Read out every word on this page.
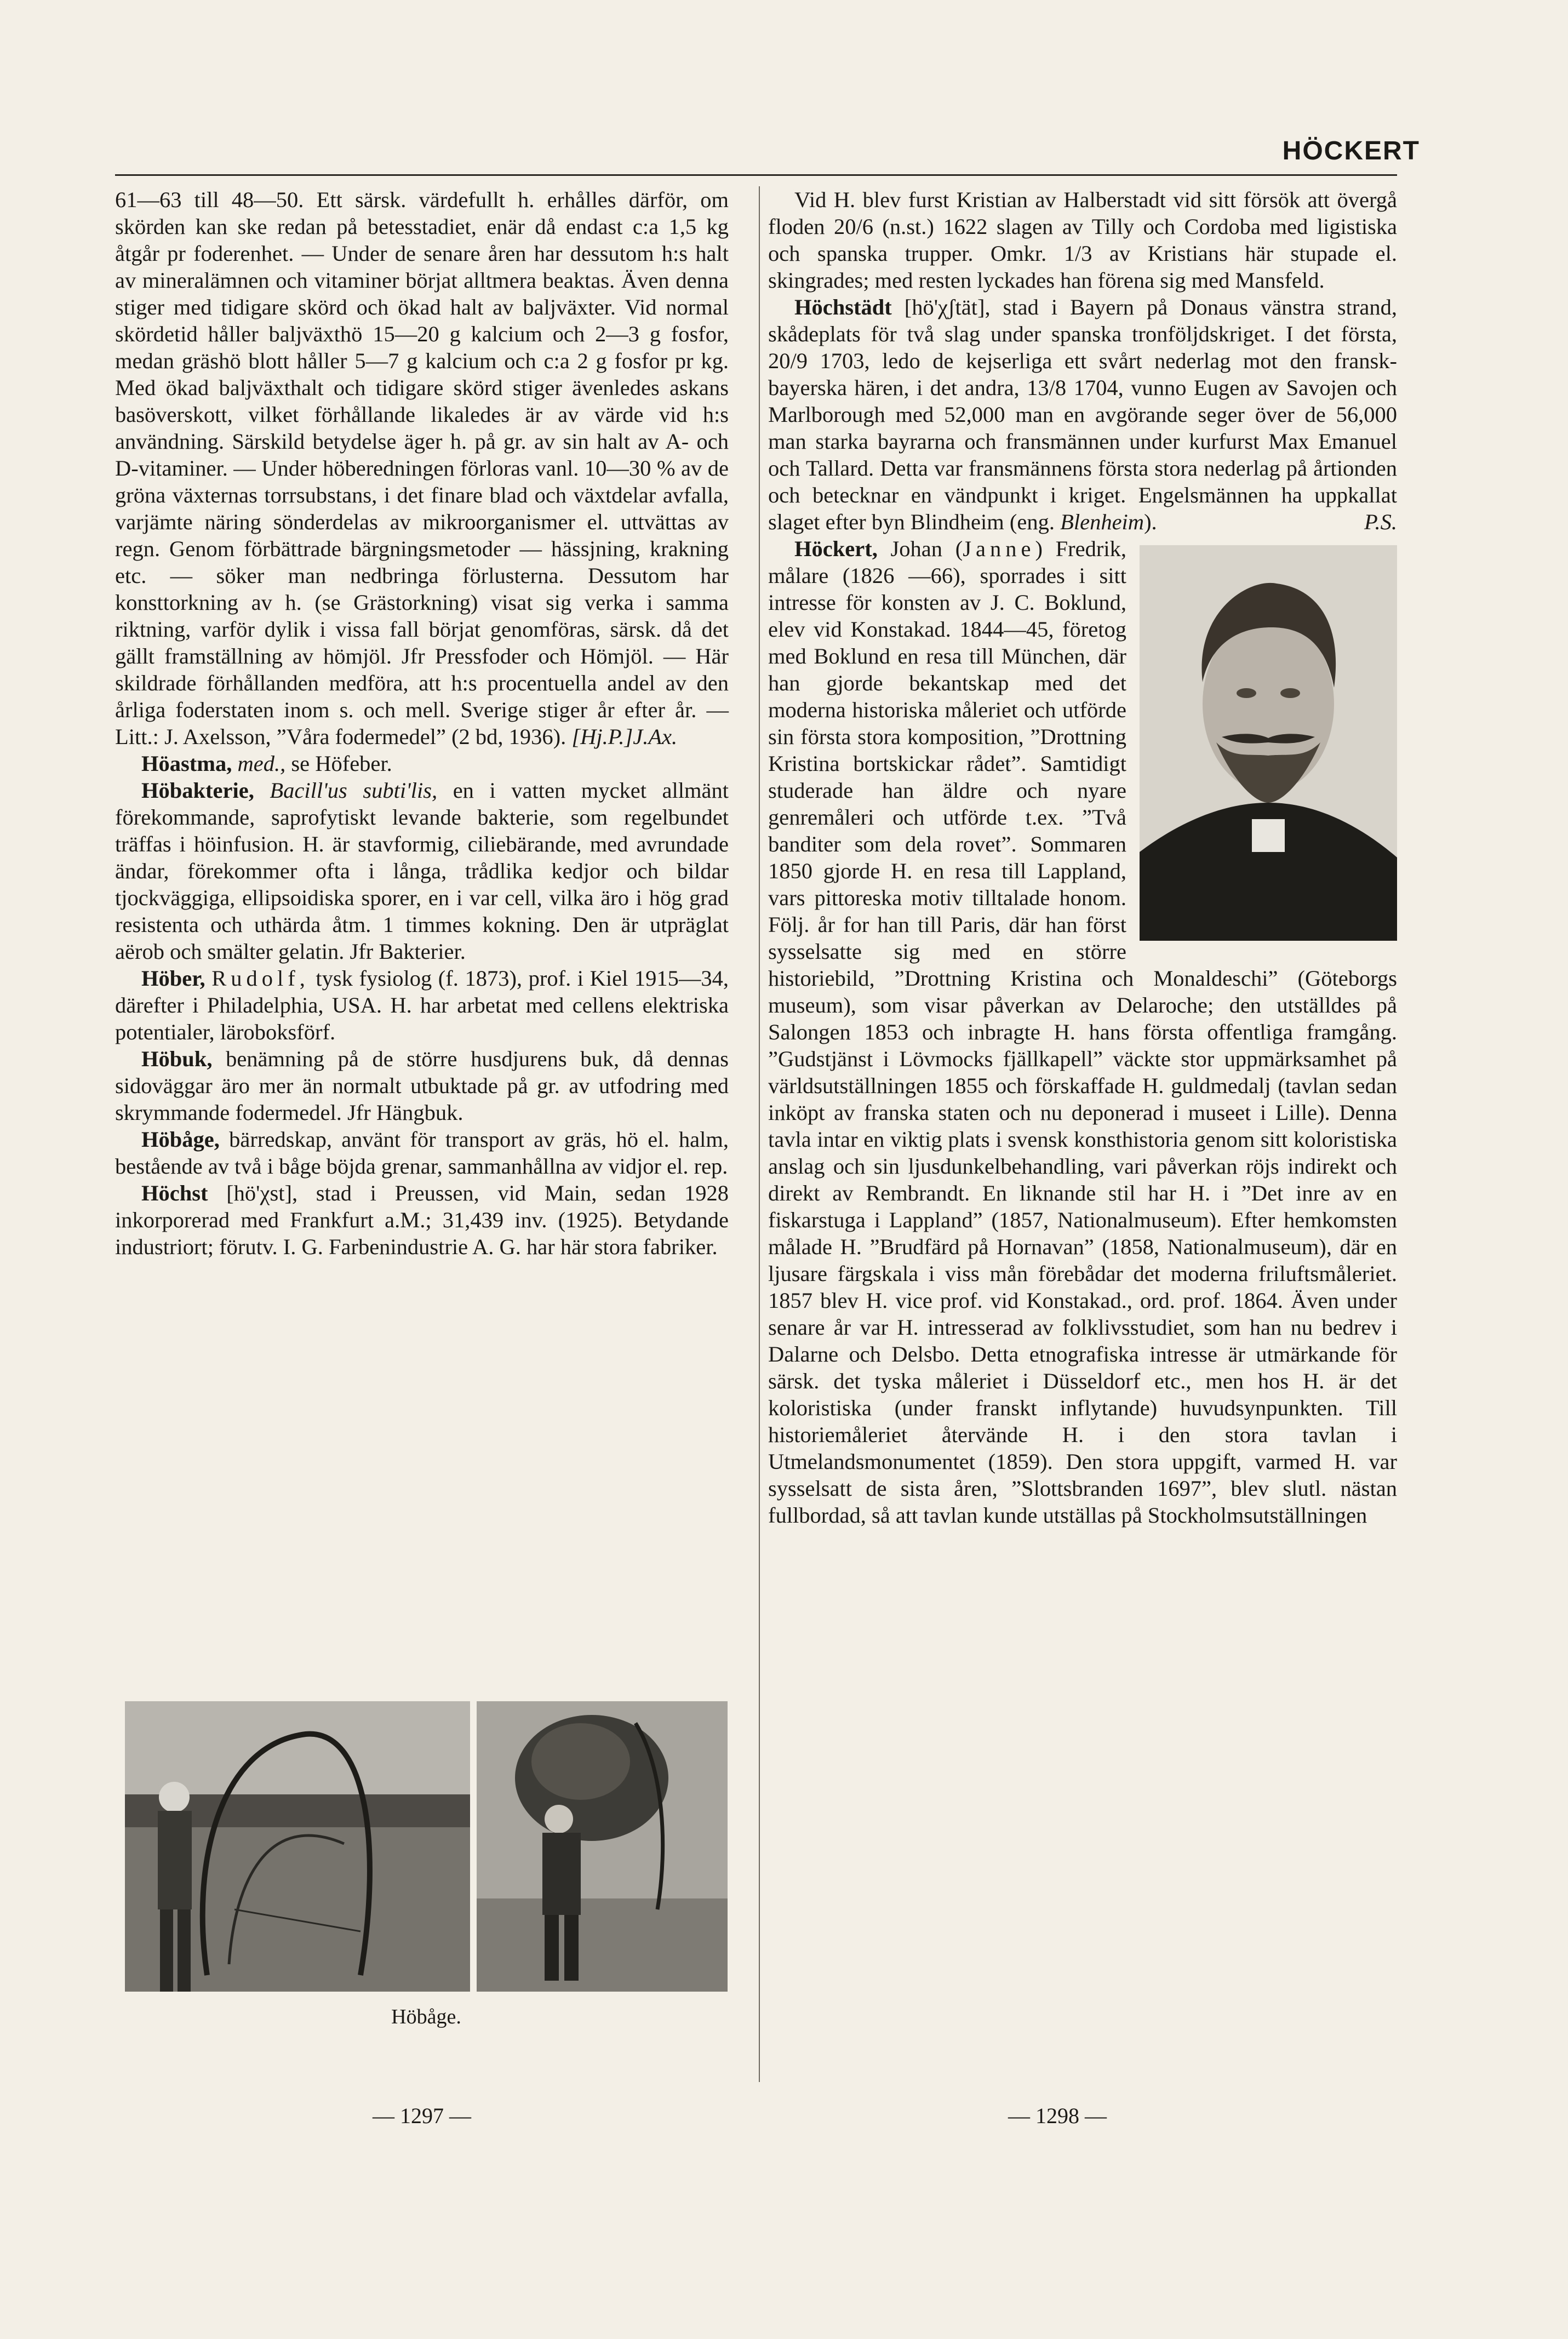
HÖCKERT

61—63 till 48—50. Ett särsk. värdefullt h. erhålles därför, om skörden kan ske redan på betesstadiet, enär då endast c:a 1,5 kg åtgår pr foderenhet. — Under de senare åren har dessutom h:s halt av mineralämnen och vitaminer börjat alltmera beaktas. Även denna stiger med tidigare skörd och ökad halt av baljväxter. Vid normal skördetid håller baljväxthö 15—20 g kalcium och 2—3 g fosfor, medan gräshö blott håller 5—7 g kalcium och c:a 2 g fosfor pr kg. Med ökad baljväxthalt och tidigare skörd stiger ävenledes askans basöverskott, vilket förhållande likaledes är av värde vid h:s användning. Särskild betydelse äger h. på gr. av sin halt av A- och D-vitaminer. — Under höberedningen förloras vanl. 10—30 % av de gröna växternas torrsubstans, i det finare blad och växtdelar avfalla, varjämte näring sönderdelas av mikroorganismer el. uttvättas av regn. Genom förbättrade bärgningsmetoder — hässjning, krakning etc. — söker man nedbringa förlusterna. Dessutom har konsttorkning av h. (se Grästorkning) visat sig verka i samma riktning, varför dylik i vissa fall börjat genomföras, särsk. då det gällt framställning av hömjöl. Jfr Pressfoder och Hömjöl. — Här skildrade förhållanden medföra, att h:s procentuella andel av den årliga foderstaten inom s. och mell. Sverige stiger år efter år. — Litt.: J. Axelsson, ”Våra fodermedel” (2 bd, 1936). [Hj.P.]J.Ax.

Höastma, med., se Höfeber.

Höbakterie, Bacill'us subti'lis, en i vatten mycket allmänt förekommande, saprofytiskt levande bakterie, som regelbundet träffas i höinfusion. H. är stavformig, ciliebärande, med avrundade ändar, förekommer ofta i långa, trådlika kedjor och bildar tjockväggiga, ellipsoidiska sporer, en i var cell, vilka äro i hög grad resistenta och uthärda åtm. 1 timmes kokning. Den är utpräglat aërob och smälter gelatin. Jfr Bakterier.

Höber, Rudolf, tysk fysiolog (f. 1873), prof. i Kiel 1915—34, därefter i Philadelphia, USA. H. har arbetat med cellens elektriska potentialer, läroboksförf.

Höbuk, benämning på de större husdjurens buk, då dennas sidoväggar äro mer än normalt utbuktade på gr. av utfodring med skrymmande fodermedel. Jfr Hängbuk.

Höbåge, bärredskap, använt för transport av gräs, hö el. halm, bestående av två i båge böjda grenar, sammanhållna av vidjor el. rep.

Höchst [hö'χst], stad i Preussen, vid Main, sedan 1928 inkorporerad med Frankfurt a.M.; 31,439 inv. (1925). Betydande industriort; förutv. I. G. Farbenindustrie A. G. har här stora fabriker.

Höbåge.

Vid H. blev furst Kristian av Halberstadt vid sitt försök att övergå floden 20/6 (n.st.) 1622 slagen av Tilly och Cordoba med ligistiska och spanska trupper. Omkr. 1/3 av Kristians här stupade el. skingrades; med resten lyckades han förena sig med Mansfeld.

Höchstädt [hö'χʃtät], stad i Bayern på Donaus vänstra strand, skådeplats för två slag under spanska tronföljdskriget. I det första, 20/9 1703, ledo de kejserliga ett svårt nederlag mot den fransk-bayerska hären, i det andra, 13/8 1704, vunno Eugen av Savojen och Marlborough med 52,000 man en avgörande seger över de 56,000 man starka bayrarna och fransmännen under kurfurst Max Emanuel och Tallard. Detta var fransmännens första stora nederlag på årtionden och betecknar en vändpunkt i kriget. Engelsmännen ha uppkallat slaget efter byn Blindheim (eng. Blenheim).	P.S.

Höckert, Johan (Janne) Fredrik, målare (1826 —66), sporrades i sitt intresse för konsten av J. C. Boklund, elev vid Konstakad. 1844—45, företog med Boklund en resa till München, där han gjorde bekantskap med det moderna historiska måleriet och utförde sin första stora komposition, ”Drottning Kristina bortskickar rådet”. Samtidigt studerade han äldre och nyare genremåleri och utförde t.ex. ”Två banditer som dela rovet”. Sommaren 1850 gjorde H. en resa till Lappland, vars pittoreska motiv tilltalade honom. Följ. år for han till Paris, där han först sysselsatte sig med en större historiebild, ”Drottning Kristina och Monaldeschi” (Göteborgs museum), som visar påverkan av Delaroche; den utställdes på Salongen 1853 och inbragte H. hans första offentliga framgång. ”Gudstjänst i Lövmocks fjällkapell” väckte stor uppmärksamhet på världsutställningen 1855 och förskaffade H. guldmedalj (tavlan sedan inköpt av franska staten och nu deponerad i museet i Lille). Denna tavla intar en viktig plats i svensk konsthistoria genom sitt koloristiska anslag och sin ljusdunkelbehandling, vari påverkan röjs indirekt och direkt av Rembrandt. En liknande stil har H. i ”Det inre av en fiskarstuga i Lappland” (1857, Nationalmuseum). Efter hemkomsten målade H. ”Brudfärd på Hornavan” (1858, Nationalmuseum), där en ljusare färgskala i viss mån förebådar det moderna friluftsmåleriet. 1857 blev H. vice prof. vid Konstakad., ord. prof. 1864. Även under senare år var H. intresserad av folklivsstudiet, som han nu bedrev i Dalarne och Delsbo. Detta etnografiska intresse är utmärkande för särsk. det tyska måleriet i Düsseldorf etc., men hos H. är det koloristiska (under franskt inflytande) huvudsynpunkten. Till historiemåleriet återvände H. i den stora tavlan i Utmelandsmonumentet (1859). Den stora uppgift, varmed H. var sysselsatt de sista åren, ”Slottsbranden 1697”, blev slutl. nästan fullbordad, så att tavlan kunde utställas på Stockholmsutställningen

— 1297 —	— 1298 —
